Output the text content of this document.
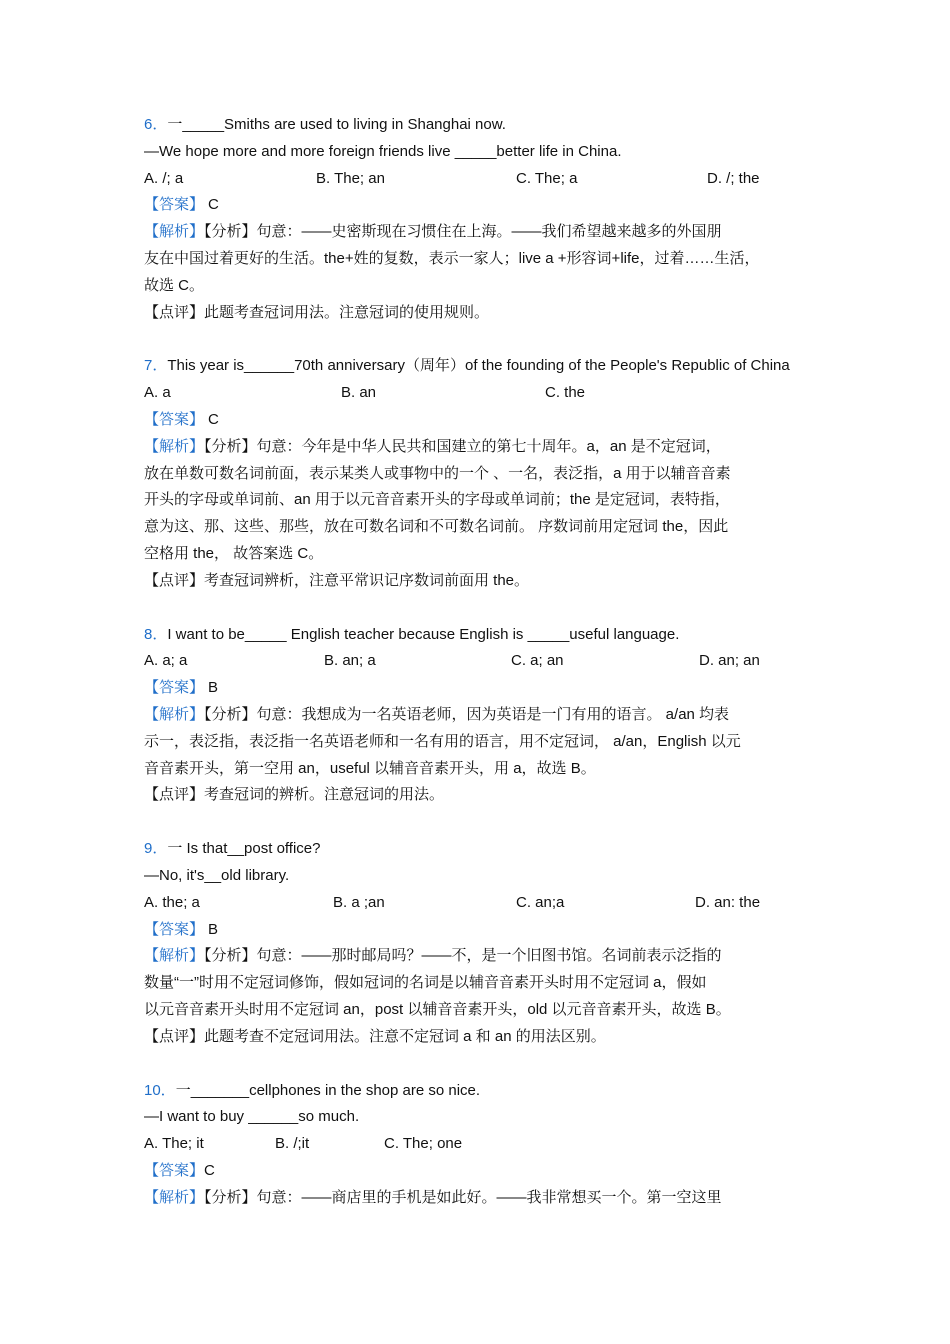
6．一_____Smiths are used to living in Shanghai now.
—We hope more and more foreign friends live _____better life in China.
A. /; a	B. The; an	C. The; a	D. /; the
【答案】 C
【解析】【分析】句意：——史密斯现在习惯住在上海。——我们希望越来越多的外国朋
友在中国过着更好的生活。the+姓的复数，表示一家人；live a +形容词+life，过着……生活，
故选 C。
【点评】此题考查冠词用法。注意冠词的使用规则。
7．This year is______70th anniversary（周年）of the founding of the People's Republic of China
A. a	B. an	C. the
【答案】 C
【解析】【分析】句意：今年是中华人民共和国建立的第七十周年。a，an 是不定冠词，
放在单数可数名词前面，表示某类人或事物中的一个 、一名，表泛指，a 用于以辅音音素
开头的字母或单词前、an 用于以元音音素开头的字母或单词前；the 是定冠词，表特指，
意为这、那、这些、那些，放在可数名词和不可数名词前。 序数词前用定冠词 the，因此
空格用 the， 故答案选 C。
【点评】考查冠词辨析，注意平常识记序数词前面用 the。
8．I want to be_____ English teacher because English is _____useful language.
A. a; a	B. an; a	C. a; an	D. an; an
【答案】 B
【解析】【分析】句意：我想成为一名英语老师，因为英语是一门有用的语言。 a/an 均表
示一，表泛指，表泛指一名英语老师和一名有用的语言，用不定冠词， a/an，English 以元
音音素开头，第一空用 an，useful 以辅音音素开头，用 a，故选 B。
【点评】考查冠词的辨析。注意冠词的用法。
9．一 Is that__post office?
—No, it's__old library.
A. the; a	B. a ;an	C. an;a	D. an: the
【答案】 B
【解析】【分析】句意：——那时邮局吗？——不，是一个旧图书馆。名词前表示泛指的
数量“一”时用不定冠词修饰，假如冠词的名词是以辅音音素开头时用不定冠词 a，假如
以元音音素开头时用不定冠词 an，post 以辅音音素开头，old 以元音音素开头，故选 B。
【点评】此题考查不定冠词用法。注意不定冠词 a 和 an 的用法区别。
10．一_______cellphones in the shop are so nice.
—I want to buy ______so much.
A. The; it	B. /;it	C. The; one
【答案】C
【解析】【分析】句意：——商店里的手机是如此好。——我非常想买一个。第一空这里
